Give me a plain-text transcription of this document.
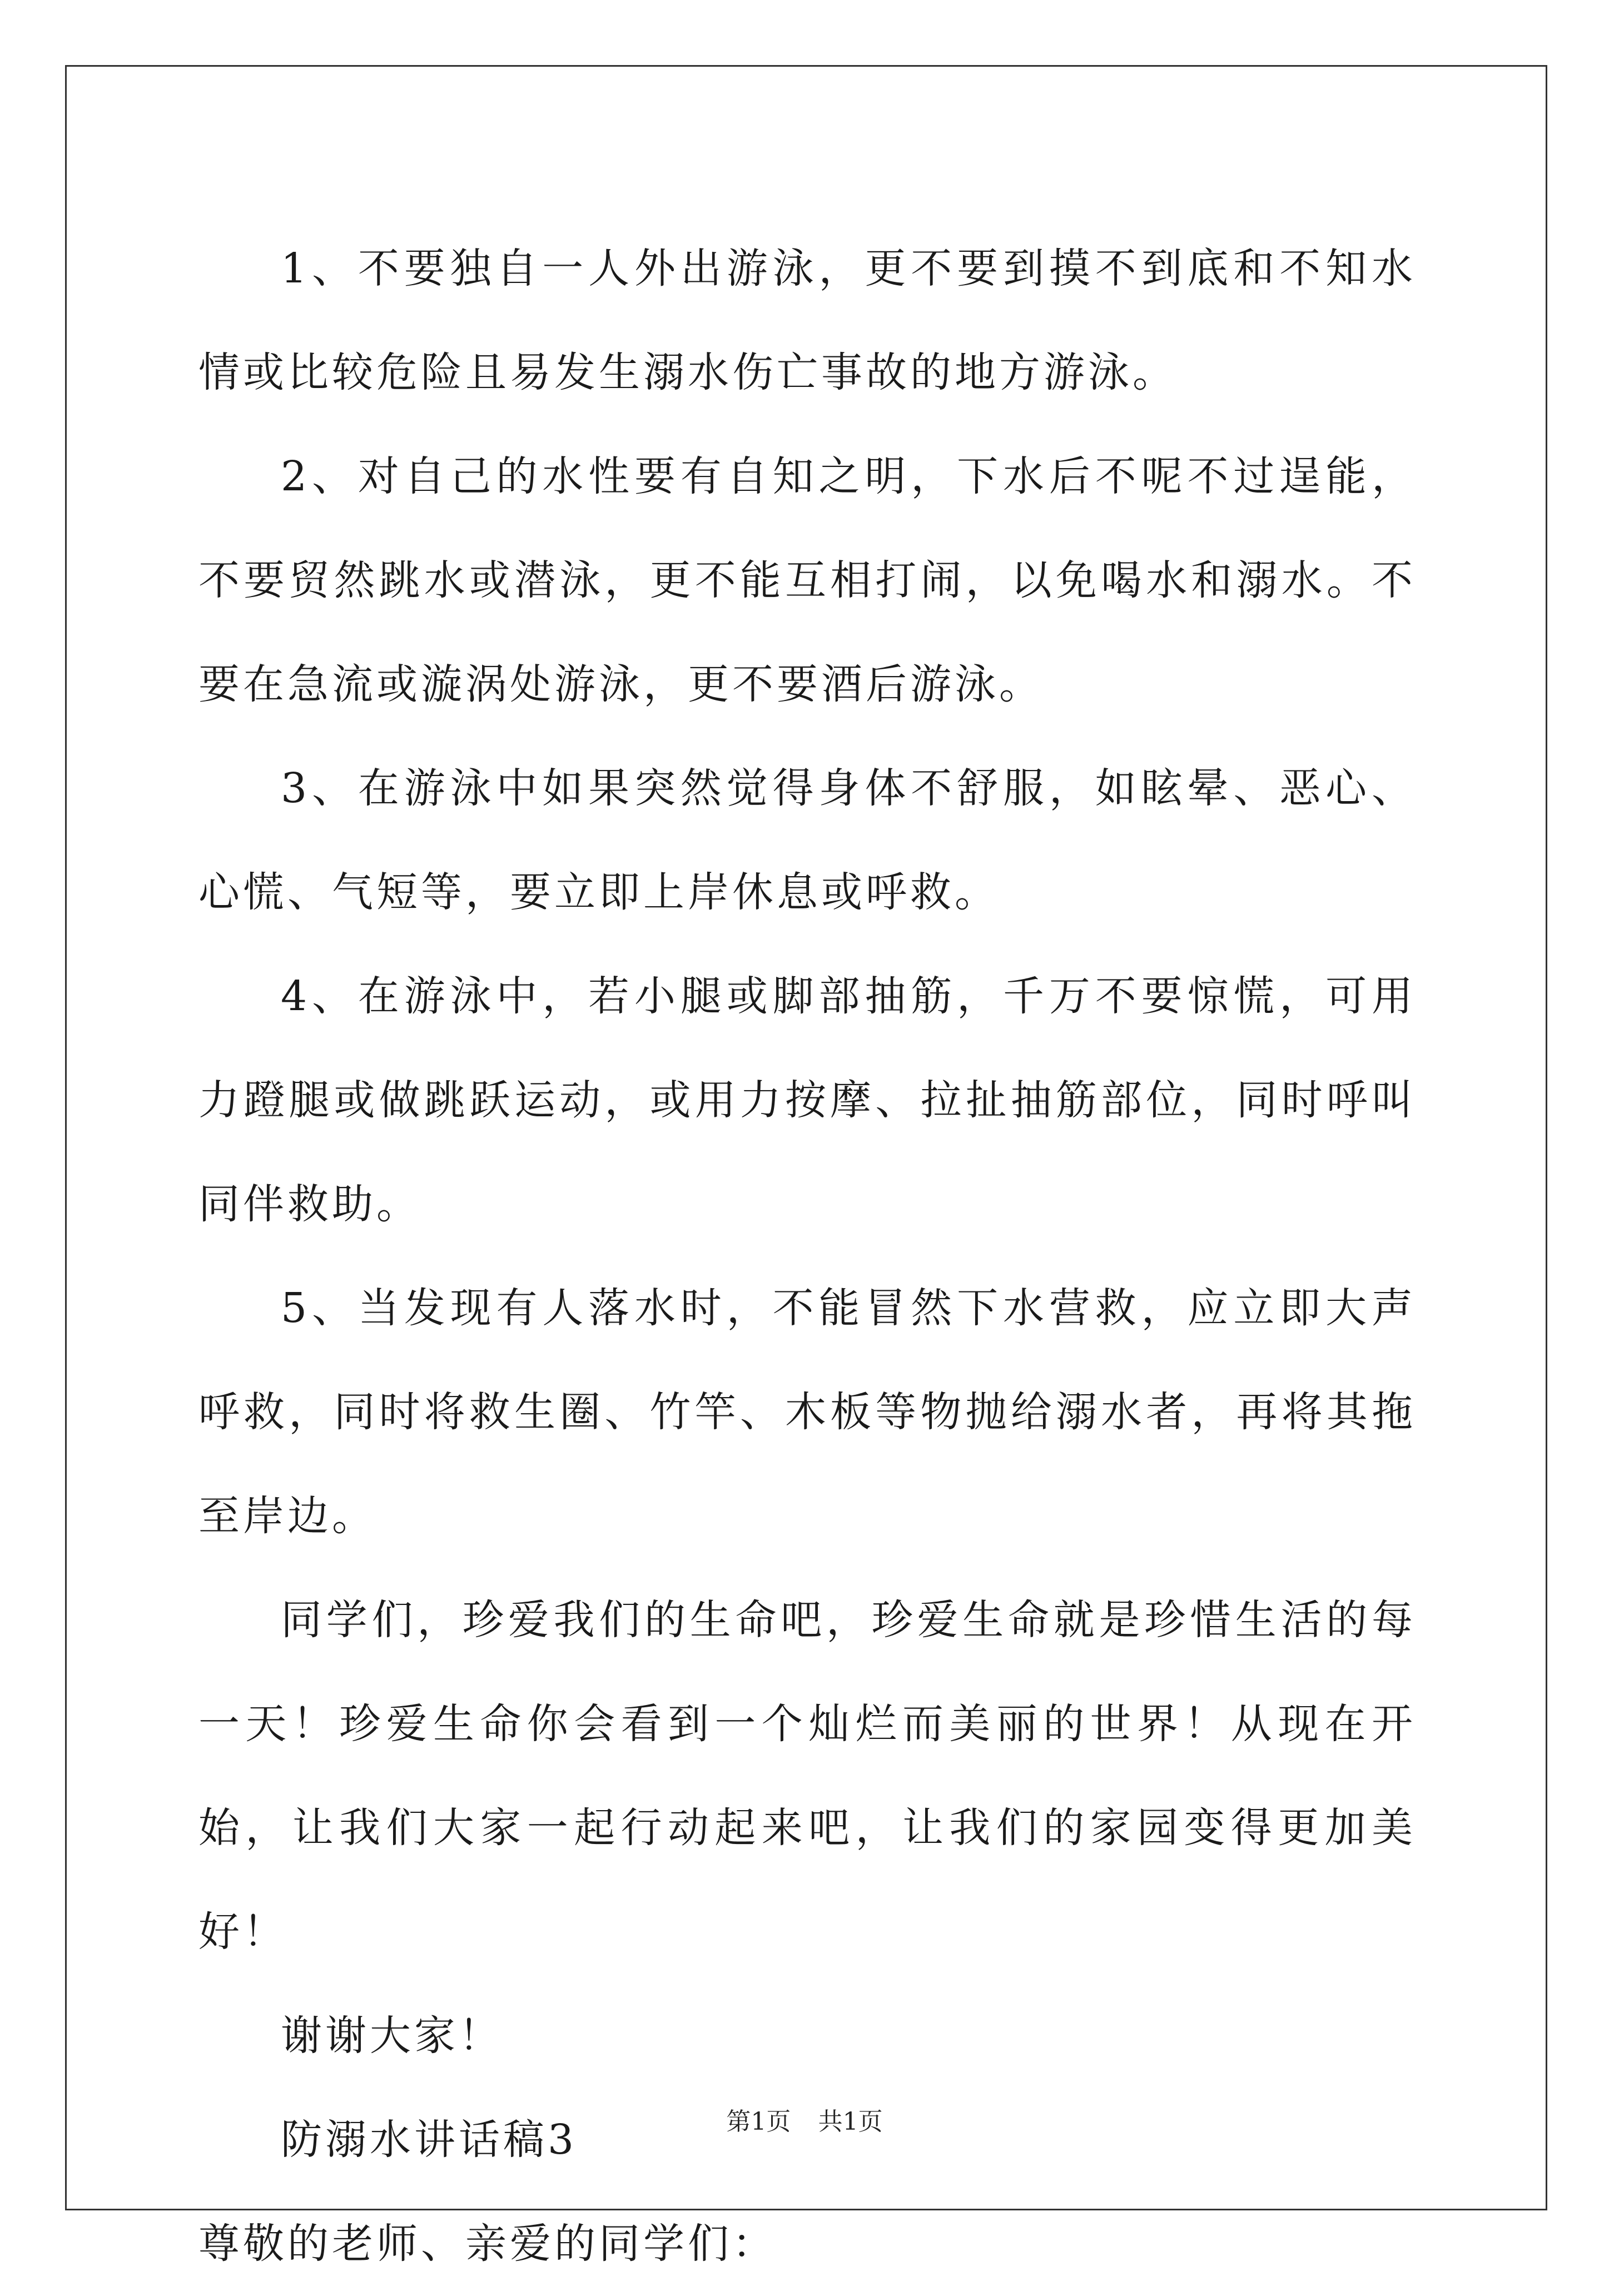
1、不要独自一人外出游泳，更不要到摸不到底和不知水情或比较危险且易发生溺水伤亡事故的地方游泳。

2、对自己的水性要有自知之明，下水后不呢不过逞能，不要贸然跳水或潜泳，更不能互相打闹，以免喝水和溺水。不要在急流或漩涡处游泳，更不要酒后游泳。

3、在游泳中如果突然觉得身体不舒服，如眩晕、恶心、心慌、气短等，要立即上岸休息或呼救。

4、在游泳中，若小腿或脚部抽筋，千万不要惊慌，可用力蹬腿或做跳跃运动，或用力按摩、拉扯抽筋部位，同时呼叫同伴救助。

5、当发现有人落水时，不能冒然下水营救，应立即大声呼救，同时将救生圈、竹竿、木板等物抛给溺水者，再将其拖至岸边。

同学们，珍爱我们的生命吧，珍爱生命就是珍惜生活的每一天！珍爱生命你会看到一个灿烂而美丽的世界！从现在开始，让我们大家一起行动起来吧，让我们的家园变得更加美好！

谢谢大家！

防溺水讲话稿3

尊敬的老师、亲爱的同学们：

第1页 共1页
